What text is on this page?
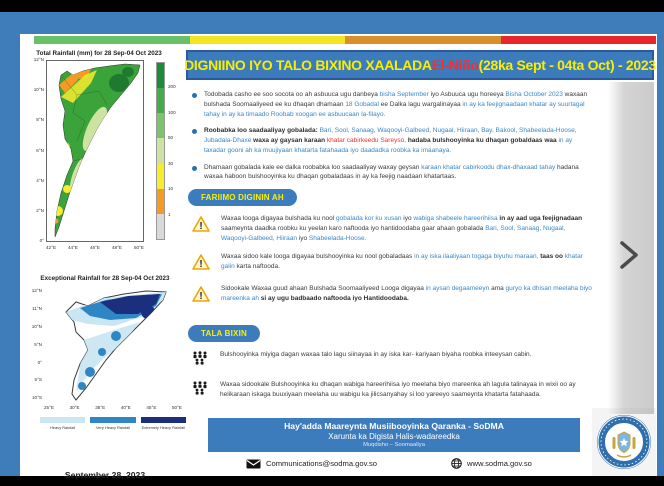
Total Rainfall (mm) for 28 Sep-04 Oct 2023
12°N
10°N
8°N
6°N
4°N
2°N
0°
42°E	44°E	46°E	48°E	50°E
200
100
50
30
10
1
Exceptional Rainfall for 28 Sep-04 Oct 2023
12°N
11°N
10°N
5°N
0°
5°S
10°S
25°E	30°E	35°E	40°E	45°E	50°E
Heavy Rainfall	Very Heavy Rainfall	Extremely Heavy Rainfall
September 28, 2023
DIGNIINO IYO TALO BIXINO XAALADA El-Niño (28ka Sept - 04ta Oct) - 2023
Todobada casho ee soo socota oo ah asbuuca ugu danbeya bisha September iyo Asbuuca ugu horeeya Bisha October 2023 waxaan bulshada Soomaaliyeed ee ku dhaqan dhamaan 18 Gobadal ee Dalka lagu wargalinayaa in ay ka feejignaadaan khatar ay suurtagal tahay in ay ka timaado Roobab xoogan ee asbuucaan la-filayo.
Roobabka loo saadaaliyay gobalada: Bari, Sool, Sanaag, Waqooyi-Galbeed, Nugaal, Hiiraan, Bay, Bakool, Shabeelada-Hoose, Jubadala-Dhaxe waxa ay gaysan karaan khatar cabirkeedu Sareyso, hadaba bulshooyinka ku dhaqan gobaldaas waa in ay taxadar gooni ah ka muujiyaan khatarta fatahaada iyo daadadka roobka ka imaanaya.
Dhamaan gobalada kale ee dalka roobabka loo saadaaliyay waxay geysan karaan khatar cabirkoodu dhax-dhaxaad tahay hadana waxaa haboon bulshooyinka ku dhaqan gobaladaas in ay ka feejig naadaan khatartaas.
FARIIMO DIGININ AH
!
Waxaa looga digayaa bulshada ku nool gobalada kor ku xusan iyo wabiga shabeele hareerihiisa in ay aad uga feejignadaan saameynta daadka roobku ku yeelan karo naftooda iyo hantidoodaba gaar ahaan gobalada Bari, Sool, Sanaag, Nugaal, Waqooyi-Galbeed, Hiiraan iyo Shabeelada-Hoose.
!
Waxaa sidoo kale looga digayaa bulshooyinka ku nool gobaladaas in ay iska ilaaliyaan togaga biyuhu maraan, taas oo khatar galin karta naftooda.
!
Sidookale Waxaa guud ahaan Bulshada Soomaaliyeed Looga digayaa in aysan degaameeyn ama guryo ka dhisan meelaha biyo mareenka ah si ay ugu badbaado naftooda iyo Hantidoodaba.
TALA BIXIN
Bulshooyinka miyiga dagan waxaa talo lagu siinayaa in ay iska kar- kariyaan biyaha roobka inteeysan cabin.
Waxaa sidookale Bulshooyinka ku dhaqan wabiga hareerihiisa iyo meelaha biyo mareenka ah lagula talinayaa in wixii oo ay helikaraan iskaga buuxiyaan meelaha uu wabigu ka jilicsanyahay si loo yareeyo saameynta khatarta fatahaada.
Hay'adda Maareynta Musiibooyinka Qaranka - SoDMA
Xarunta ka Digista Halis-wadareedka
Muqdisho – Soomaaliya
Communications@sodma.gov.so	www.sodma.gov.so
